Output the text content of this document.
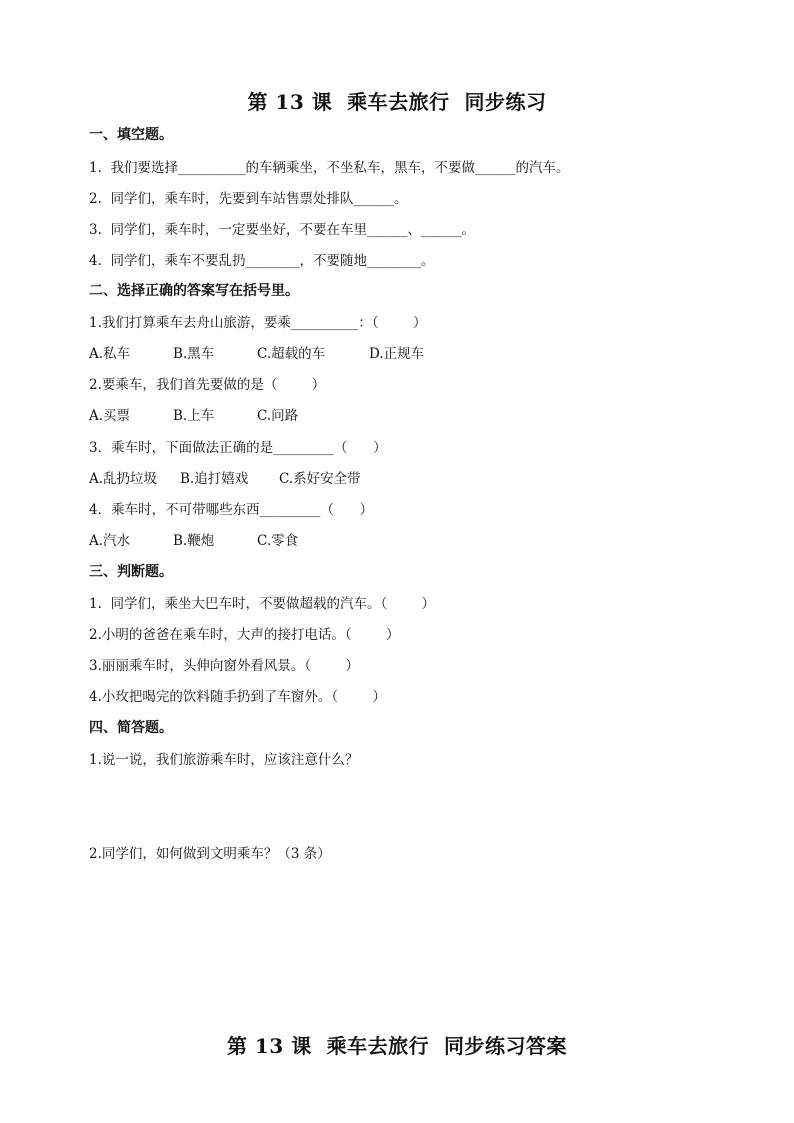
第 13 课  乘车去旅行  同步练习
一、填空题。
1.  我们要选择__________的车辆乘坐，不坐私车，黑车，不要做______的汽车。
2.  同学们，乘车时，先要到车站售票处排队______。
3.  同学们，乘车时，一定要坐好，不要在车里______、______。
4.  同学们，乘车不要乱扔________，不要随地________。
二、选择正确的答案写在括号里。
1.我们打算乘车去舟山旅游，要乘__________：（        ）
A.私车	B.黑车	C.超载的车	D.正规车
2.要乘车，我们首先要做的是（        ）
A.买票	B.上车	C.问路
3．乘车时，下面做法正确的是_________（      ）
A.乱扔垃圾 B.追打嬉戏 C.系好安全带
4．乘车时，不可带哪些东西_________（      ）
A.汽水	B.鞭炮	C.零食
三、判断题。
1.  同学们，乘坐大巴车时，不要做超载的汽车。（        ）
2.小明的爸爸在乘车时，大声的接打电话。（        ）
3.丽丽乘车时，头伸向窗外看风景。（        ）
4.小玫把喝完的饮料随手扔到了车窗外。（        ）
四、简答题。
1.说一说，我们旅游乘车时，应该注意什么？
2.同学们，如何做到文明乘车？（3 条）
第 13 课  乘车去旅行  同步练习答案
